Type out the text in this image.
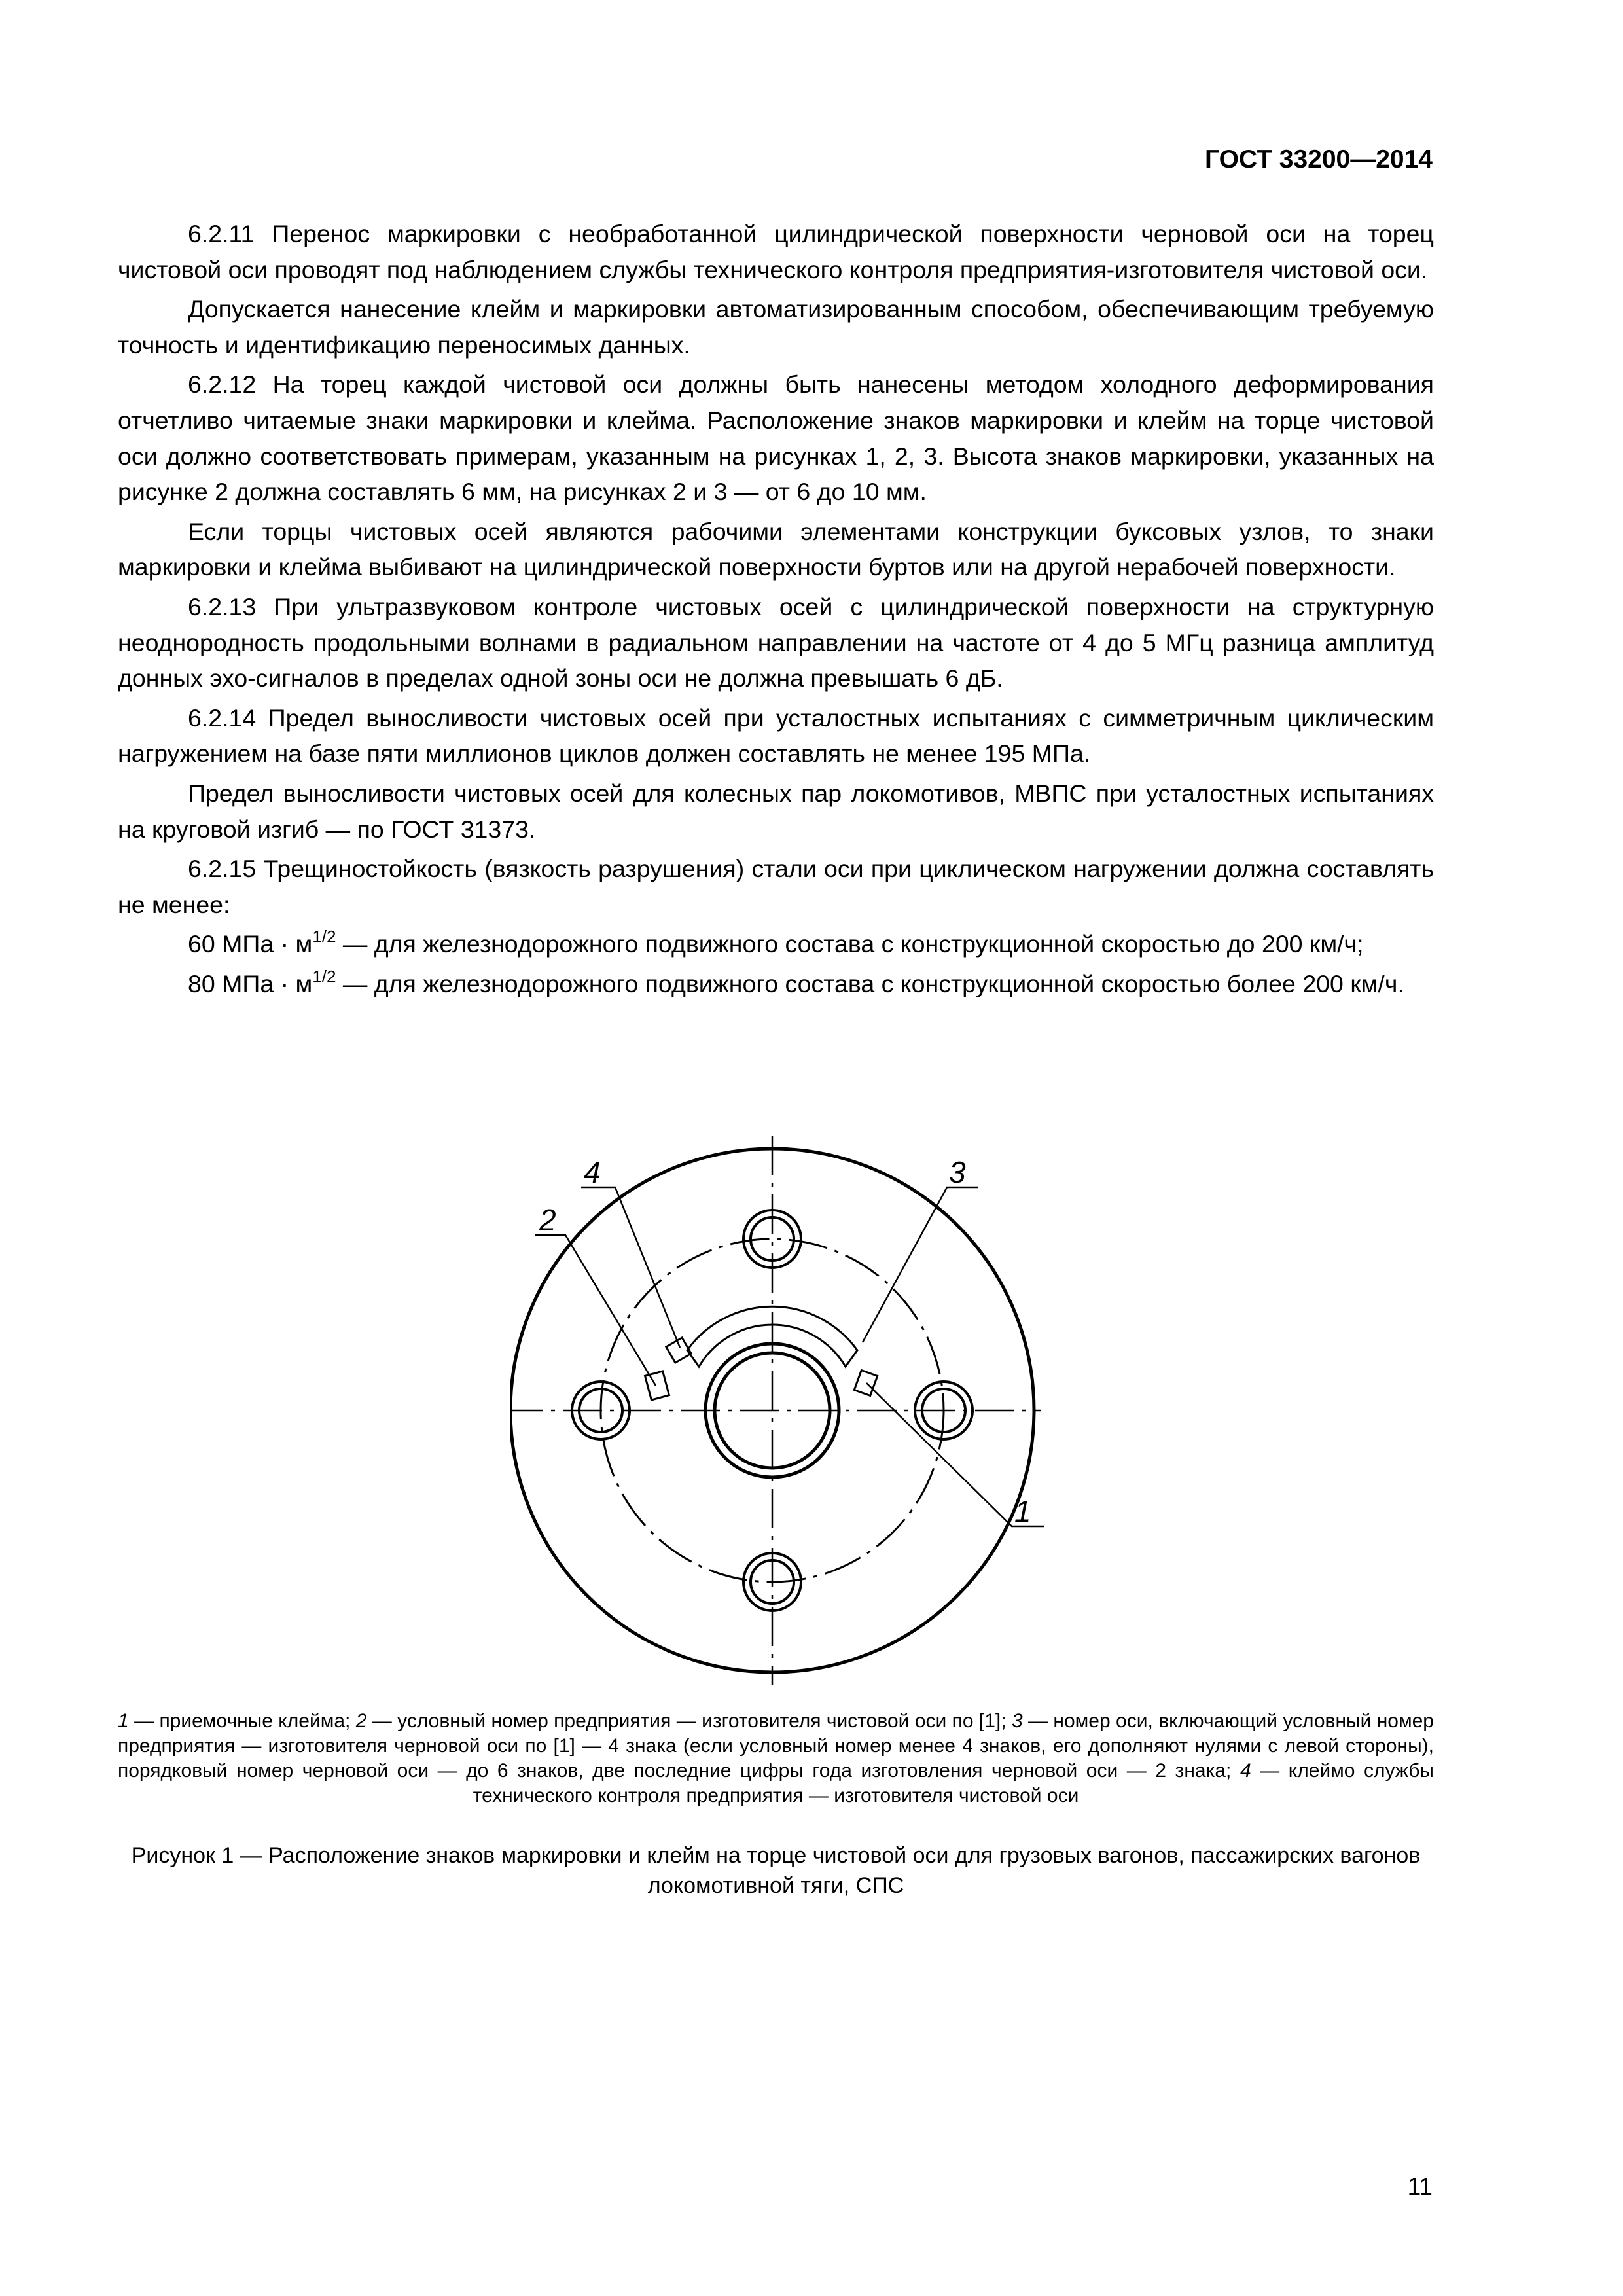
ГОСТ 33200—2014

6.2.11 Перенос маркировки с необработанной цилиндрической поверхности черновой оси на торец чистовой оси проводят под наблюдением службы технического контроля предприятия-изготовителя чистовой оси.

Допускается нанесение клейм и маркировки автоматизированным способом, обеспечивающим требуемую точность и идентификацию переносимых данных.

6.2.12 На торец каждой чистовой оси должны быть нанесены методом холодного деформирования отчетливо читаемые знаки маркировки и клейма. Расположение знаков маркировки и клейм на торце чистовой оси должно соответствовать примерам, указанным на рисунках 1, 2, 3. Высота знаков маркировки, указанных на рисунке 2 должна составлять 6 мм, на рисунках 2 и 3 — от 6 до 10 мм.

Если торцы чистовых осей являются рабочими элементами конструкции буксовых узлов, то знаки маркировки и клейма выбивают на цилиндрической поверхности буртов или на другой нерабочей поверхности.

6.2.13 При ультразвуковом контроле чистовых осей с цилиндрической поверхности на структурную неоднородность продольными волнами в радиальном направлении на частоте от 4 до 5 МГц разница амплитуд донных эхо-сигналов в пределах одной зоны оси не должна превышать 6 дБ.

6.2.14 Предел выносливости чистовых осей при усталостных испытаниях с симметричным циклическим нагружением на базе пяти миллионов циклов должен составлять не менее 195 МПа.

Предел выносливости чистовых осей для колесных пар локомотивов, МВПС при усталостных испытаниях на круговой изгиб — по ГОСТ 31373.

6.2.15 Трещиностойкость (вязкость разрушения) стали оси при циклическом нагружении должна составлять не менее:

60 МПа · $м^{1/2}$ — для железнодорожного подвижного состава с конструкционной скоростью до 200 км/ч;

80 МПа · $м^{1/2}$ — для железнодорожного подвижного состава с конструкционной скоростью более 200 км/ч.

4
2
3
1
1 — приемочные клейма; 2 — условный номер предприятия — изготовителя чистовой оси по [1]; 3 — номер оси, включающий условный номер предприятия — изготовителя черновой оси по [1] — 4 знака (если условный номер менее 4 знаков, его дополняют нулями с левой стороны), порядковый номер черновой оси — до 6 знаков, две последние цифры года изготовления черновой оси — 2 знака; 4 — клеймо службы технического контроля предприятия — изготовителя чистовой оси
Рисунок 1 — Расположение знаков маркировки и клейм на торце чистовой оси для грузовых вагонов, пассажирских вагонов локомотивной тяги, СПС
11
